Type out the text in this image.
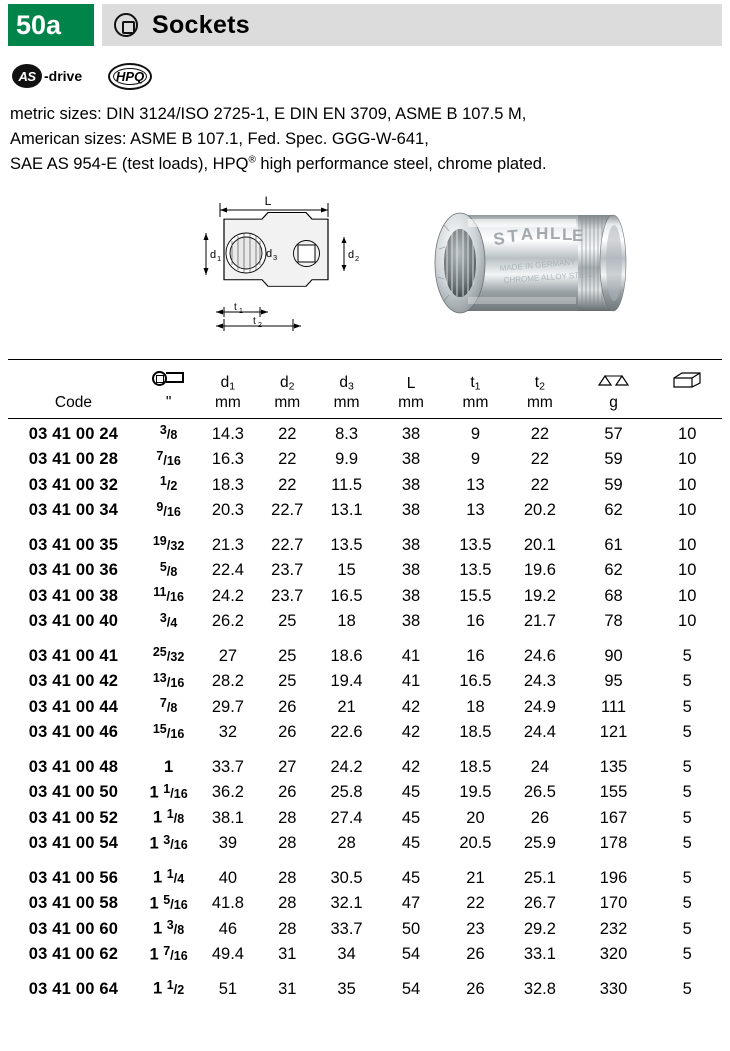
50a	Sockets
AS -drive	HPQ
metric sizes: DIN 3124/ISO 2725-1, E DIN EN 3709, ASME B 107.5 M,
American sizes: ASME B 107.1, Fed. Spec. GGG-W-641,
SAE AS 954-E (test loads), HPQ® high performance steel, chrome plated.
L
d 1	d 3	d 2
t 1
t 2
S T A H L L E
MADE IN GERMANY
CHROME ALLOY STEEL

	$d_1$	$d_2$	$d_3$	L	$t_1$	$t_2$		
Code	"	mm	mm	mm	mm	mm	mm	g	
03 41 00 24	$^3$/8	14.3	22	8.3	38	9	22	57	10
03 41 00 28	$^7$/16	16.3	22	9.9	38	9	22	59	10
03 41 00 32	$^1$/2	18.3	22	11.5	38	13	22	59	10
03 41 00 34	$^9$/16	20.3	22.7	13.1	38	13	20.2	62	10

03 41 00 35	$^{19}$/32	21.3	22.7	13.5	38	13.5	20.1	61	10
03 41 00 36	$^5$/8	22.4	23.7	15	38	13.5	19.6	62	10
03 41 00 38	$^{11}$/16	24.2	23.7	16.5	38	15.5	19.2	68	10
03 41 00 40	$^3$/4	26.2	25	18	38	16	21.7	78	10

03 41 00 41	$^{25}$/32	27	25	18.6	41	16	24.6	90	5
03 41 00 42	$^{13}$/16	28.2	25	19.4	41	16.5	24.3	95	5
03 41 00 44	$^7$/8	29.7	26	21	42	18	24.9	111	5
03 41 00 46	$^{15}$/16	32	26	22.6	42	18.5	24.4	121	5

03 41 00 48	1	33.7	27	24.2	42	18.5	24	135	5
03 41 00 50	1 $^1$/16	36.2	26	25.8	45	19.5	26.5	155	5
03 41 00 52	1 $^1$/8	38.1	28	27.4	45	20	26	167	5
03 41 00 54	1 $^3$/16	39	28	28	45	20.5	25.9	178	5

03 41 00 56	1 $^1$/4	40	28	30.5	45	21	25.1	196	5
03 41 00 58	1 $^5$/16	41.8	28	32.1	47	22	26.7	170	5
03 41 00 60	1 $^3$/8	46	28	33.7	50	23	29.2	232	5
03 41 00 62	1 $^7$/16	49.4	31	34	54	26	33.1	320	5

03 41 00 64	1 $^1$/2	51	31	35	54	26	32.8	330	5
